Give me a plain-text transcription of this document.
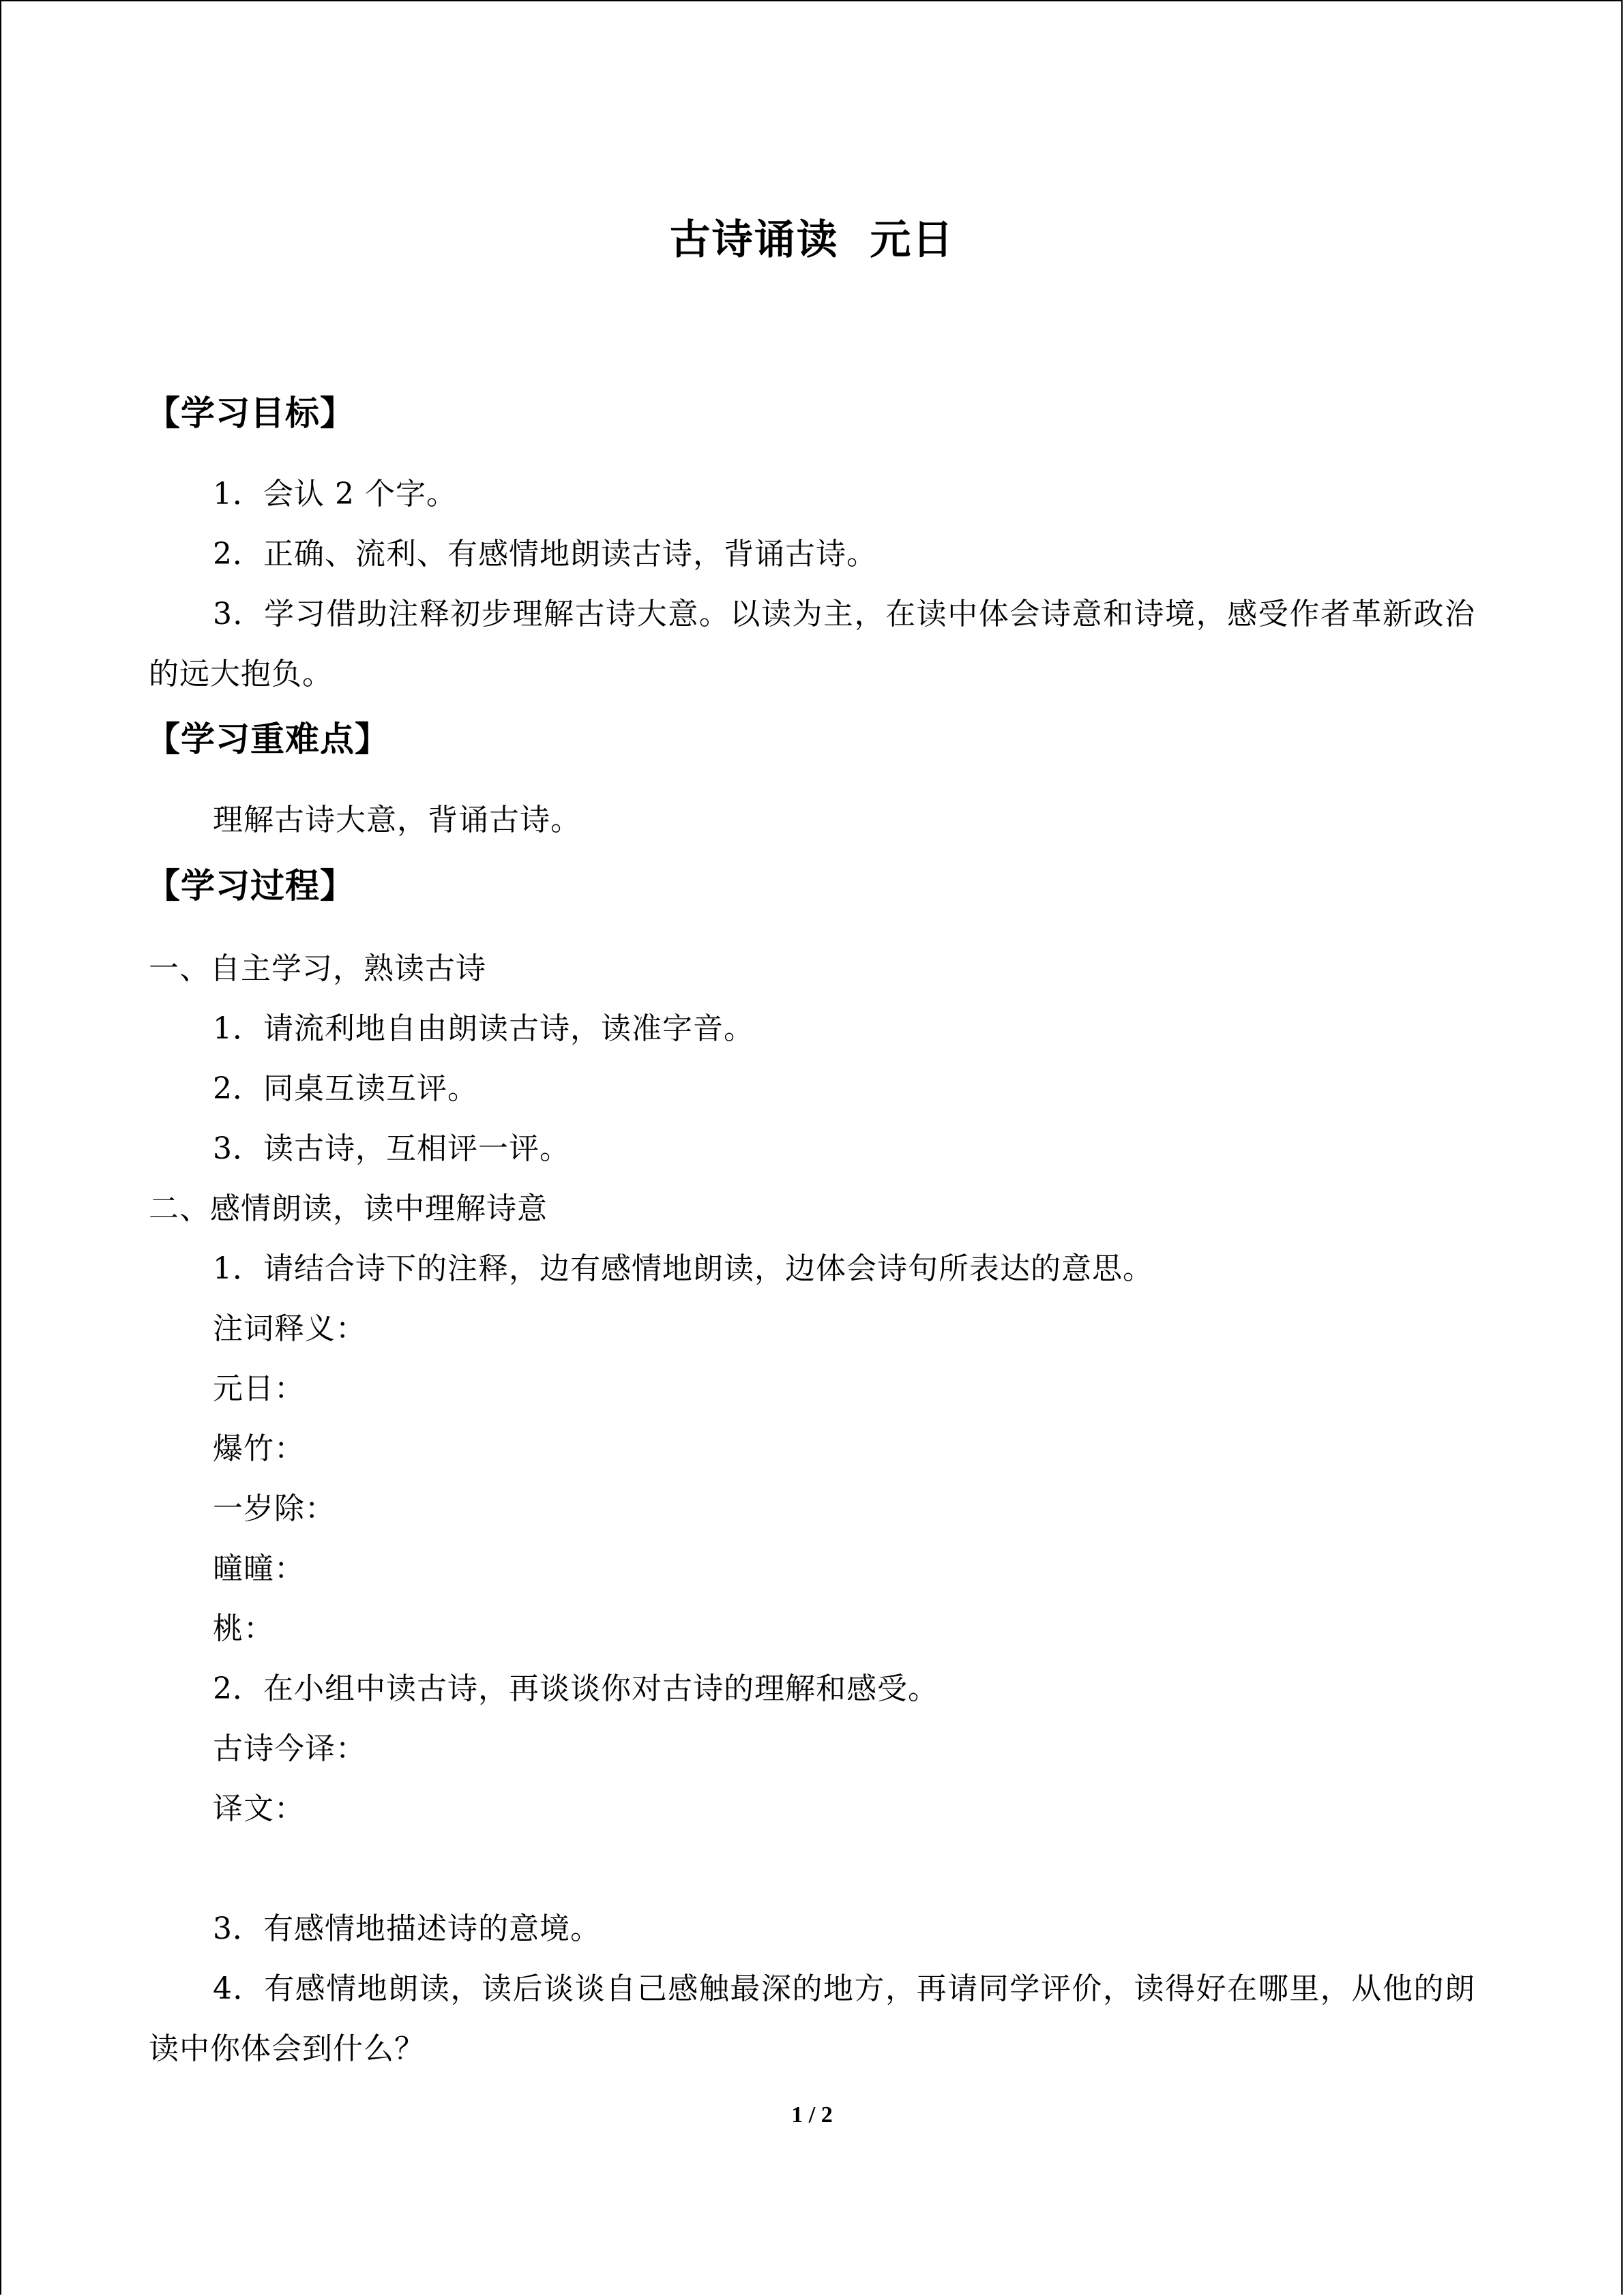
古诗诵读  元日
【学习目标】
1．会认 2 个字。
2．正确、流利、有感情地朗读古诗，背诵古诗。
3．学习借助注释初步理解古诗大意。以读为主，在读中体会诗意和诗境，感受作者革新政治的远大抱负。
【学习重难点】
理解古诗大意，背诵古诗。
【学习过程】
一、自主学习，熟读古诗
1．请流利地自由朗读古诗，读准字音。
2．同桌互读互评。
3．读古诗，互相评一评。
二、感情朗读，读中理解诗意
1．请结合诗下的注释，边有感情地朗读，边体会诗句所表达的意思。
注词释义：
元日：
爆竹：
一岁除：
曈曈：
桃：
2．在小组中读古诗，再谈谈你对古诗的理解和感受。
古诗今译：
译文：
3．有感情地描述诗的意境。
4．有感情地朗读，读后谈谈自己感触最深的地方，再请同学评价，读得好在哪里，从他的朗读中你体会到什么？
1 / 2
